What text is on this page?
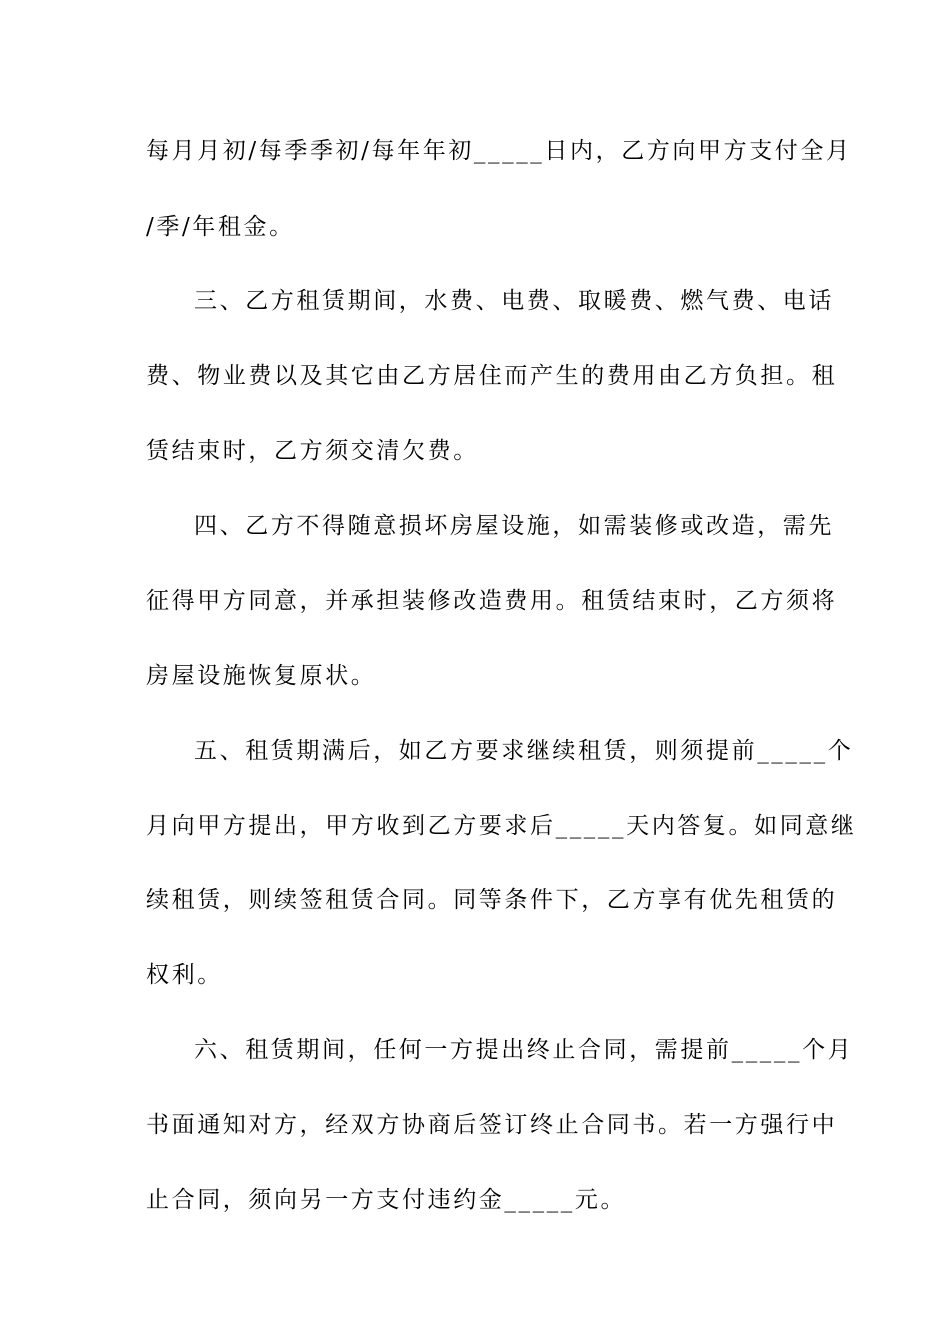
每月月初/每季季初/每年年初_____日内，乙方向甲方支付全月
/季/年租金。
三、乙方租赁期间，水费、电费、取暖费、燃气费、电话
费、物业费以及其它由乙方居住而产生的费用由乙方负担。租
赁结束时，乙方须交清欠费。
四、乙方不得随意损坏房屋设施，如需装修或改造，需先
征得甲方同意，并承担装修改造费用。租赁结束时，乙方须将
房屋设施恢复原状。
五、租赁期满后，如乙方要求继续租赁，则须提前_____个
月向甲方提出，甲方收到乙方要求后_____天内答复。如同意继
续租赁，则续签租赁合同。同等条件下，乙方享有优先租赁的
权利。
六、租赁期间，任何一方提出终止合同，需提前_____个月
书面通知对方，经双方协商后签订终止合同书。若一方强行中
止合同，须向另一方支付违约金_____元。
